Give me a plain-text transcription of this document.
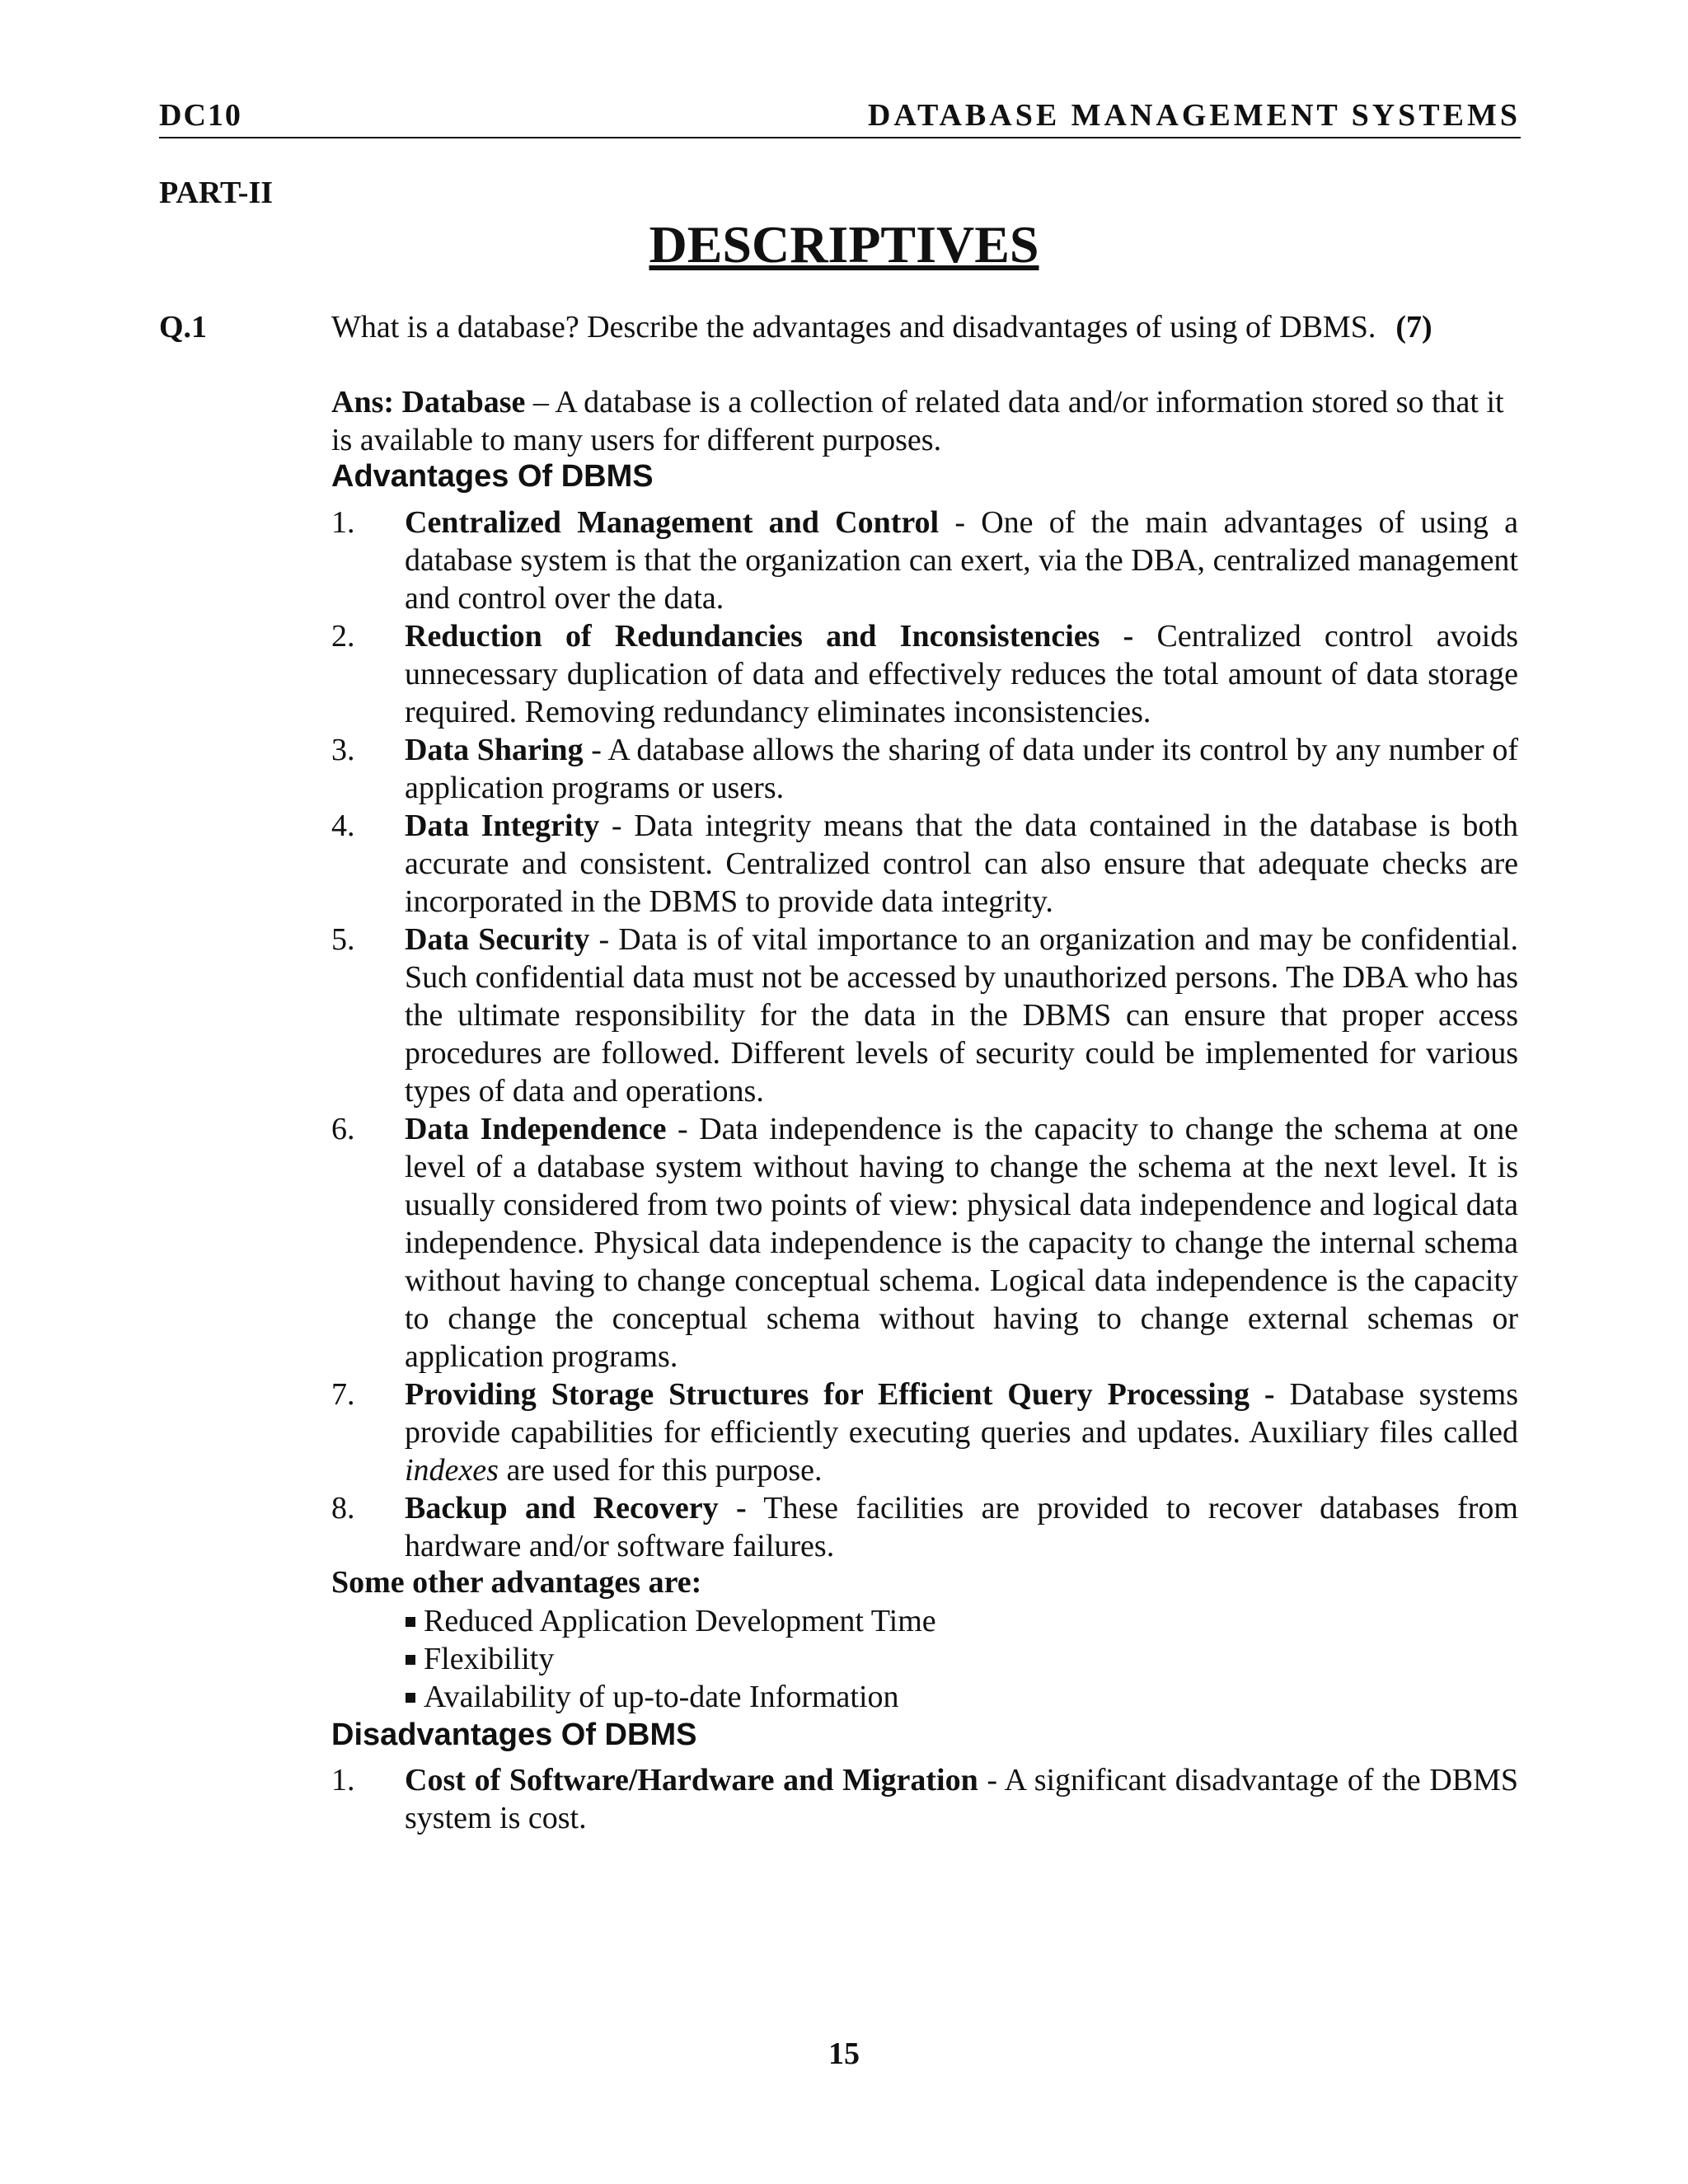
DC10	DATABASE MANAGEMENT SYSTEMS
PART-II
DESCRIPTIVES
Q.1	What is a database? Describe the advantages and disadvantages of using of DBMS. (7)
Ans: Database – A database is a collection of related data and/or information stored so that it is available to many users for different purposes.
Advantages Of DBMS
1. Centralized Management and Control - One of the main advantages of using a database system is that the organization can exert, via the DBA, centralized management and control over the data.
2. Reduction of Redundancies and Inconsistencies - Centralized control avoids unnecessary duplication of data and effectively reduces the total amount of data storage required. Removing redundancy eliminates inconsistencies.
3. Data Sharing - A database allows the sharing of data under its control by any number of application programs or users.
4. Data Integrity - Data integrity means that the data contained in the database is both accurate and consistent. Centralized control can also ensure that adequate checks are incorporated in the DBMS to provide data integrity.
5. Data Security - Data is of vital importance to an organization and may be confidential. Such confidential data must not be accessed by unauthorized persons. The DBA who has the ultimate responsibility for the data in the DBMS can ensure that proper access procedures are followed. Different levels of security could be implemented for various types of data and operations.
6. Data Independence - Data independence is the capacity to change the schema at one level of a database system without having to change the schema at the next level. It is usually considered from two points of view: physical data independence and logical data independence. Physical data independence is the capacity to change the internal schema without having to change conceptual schema. Logical data independence is the capacity to change the conceptual schema without having to change external schemas or application programs.
7. Providing Storage Structures for Efficient Query Processing - Database systems provide capabilities for efficiently executing queries and updates. Auxiliary files called indexes are used for this purpose.
8. Backup and Recovery - These facilities are provided to recover databases from hardware and/or software failures.
Some other advantages are:
Reduced Application Development Time
Flexibility
Availability of up-to-date Information
Disadvantages Of DBMS
1. Cost of Software/Hardware and Migration - A significant disadvantage of the DBMS system is cost.
15
